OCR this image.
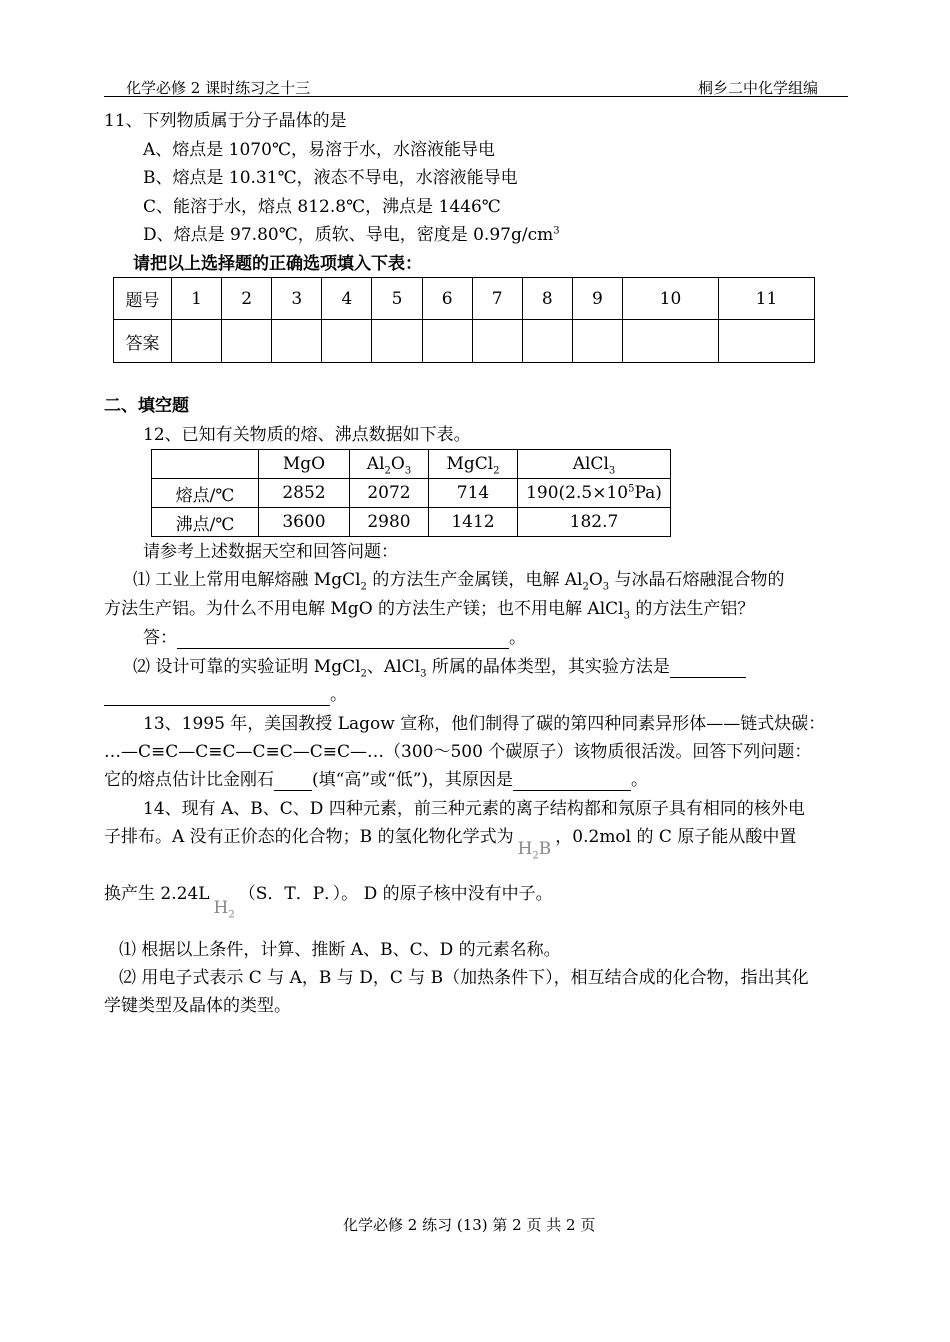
化学必修 2 课时练习之十三	桐乡二中化学组编
11、下列物质属于分子晶体的是
A、熔点是 1070℃，易溶于水，水溶液能导电
B、熔点是 10.31℃，液态不导电，水溶液能导电
C、能溶于水，熔点 812.8℃，沸点是 1446℃
D、熔点是 97.80℃，质软、导电，密度是 $0.97g/cm^3$
请把以上选择题的正确选项填入下表：
题号	1	2	3	4	5	6	7	8	9	10	11
答案											
二、填空题
12、已知有关物质的熔、沸点数据如下表。
	MgO	$Al_2O_3$	MgCl$_2$	AlCl$_3$
熔点/℃	2852	2072	714	$190(2.5\times 10^5Pa)$
沸点/℃	3600	2980	1412	182.7
请参考上述数据天空和回答问题：
⑴ 工业上常用电解熔融 MgCl$_2$ 的方法生产金属镁，电解 $Al_2O_3$ 与冰晶石熔融混合物的
方法生产铝。为什么不用电解 MgO 的方法生产镁；也不用电解 AlCl$_3$ 的方法生产铝？
答：	。
⑵ 设计可靠的实验证明 MgCl$_2$、AlCl$_3$ 所属的晶体类型，其实验方法是
。
13、1995 年，美国教授 Lagow 宣称，他们制得了碳的第四种同素异形体——链式炔碳：
…—C≡C—C≡C—C≡C—C≡C—…（300～500 个碳原子）该物质很活泼。回答下列问题：
它的熔点估计比金刚石 (填“高”或“低”)，其原因是	。
14、现有 A、B、C、D 四种元素，前三种元素的离子结构都和氖原子具有相同的核外电
子排布。A 没有正价态的化合物；B 的氢化物化学式为$H_2B$，0.2mol 的 C 原子能从酸中置
换产生 $2.24LH_2(S$．T．P．）。 D 的原子核中没有中子。
⑴ 根据以上条件，计算、推断 A、B、C、D 的元素名称。
⑵ 用电子式表示 C 与 A，B 与 D，C 与 B（加热条件下），相互结合成的化合物，指出其化
学键类型及晶体的类型。
化学必修 2 练习 (13) 第 2 页 共 2 页
